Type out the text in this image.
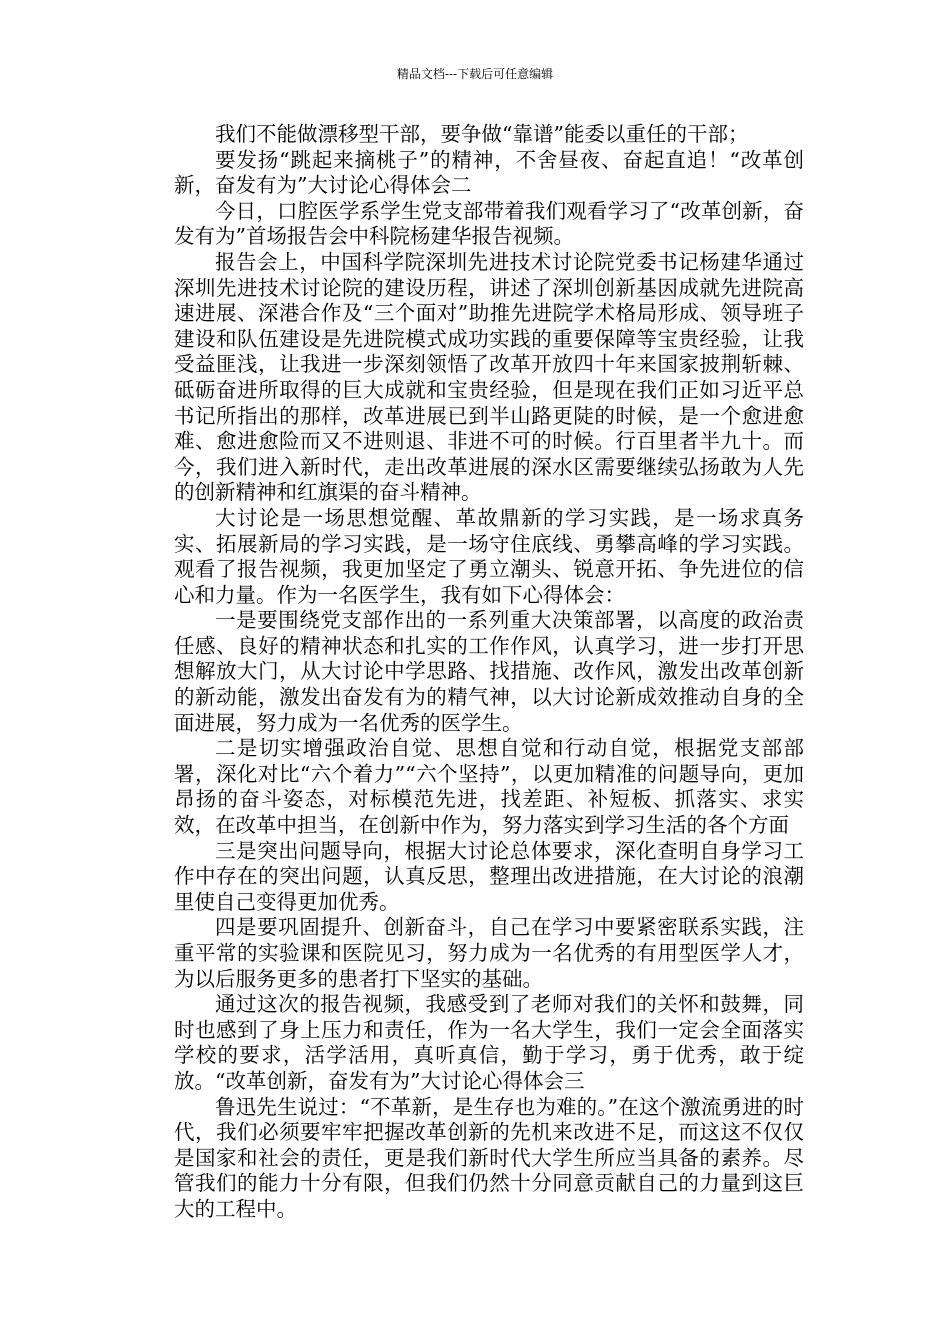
精品文档---下载后可任意编辑

我们不能做漂移型干部，要争做“靠谱”能委以重任的干部；

要发扬“跳起来摘桃子”的精神，不舍昼夜、奋起直追！“改革创新，奋发有为”大讨论心得体会二

今日，口腔医学系学生党支部带着我们观看学习了“改革创新，奋发有为”首场报告会中科院杨建华报告视频。

报告会上，中国科学院深圳先进技术讨论院党委书记杨建华通过深圳先进技术讨论院的建设历程，讲述了深圳创新基因成就先进院高速进展、深港合作及“三个面对”助推先进院学术格局形成、领导班子建设和队伍建设是先进院模式成功实践的重要保障等宝贵经验，让我受益匪浅，让我进一步深刻领悟了改革开放四十年来国家披荆斩棘、砥砺奋进所取得的巨大成就和宝贵经验，但是现在我们正如习近平总书记所指出的那样，改革进展已到半山路更陡的时候，是一个愈进愈难、愈进愈险而又不进则退、非进不可的时候。行百里者半九十。而今，我们进入新时代，走出改革进展的深水区需要继续弘扬敢为人先的创新精神和红旗渠的奋斗精神。

大讨论是一场思想觉醒、革故鼎新的学习实践，是一场求真务实、拓展新局的学习实践，是一场守住底线、勇攀高峰的学习实践。观看了报告视频，我更加坚定了勇立潮头、锐意开拓、争先进位的信心和力量。作为一名医学生，我有如下心得体会：

一是要围绕党支部作出的一系列重大决策部署，以高度的政治责任感、良好的精神状态和扎实的工作作风，认真学习，进一步打开思想解放大门，从大讨论中学思路、找措施、改作风，激发出改革创新的新动能，激发出奋发有为的精气神，以大讨论新成效推动自身的全面进展，努力成为一名优秀的医学生。

二是切实增强政治自觉、思想自觉和行动自觉，根据党支部部署，深化对比“六个着力”“六个坚持”，以更加精准的问题导向，更加昂扬的奋斗姿态，对标模范先进，找差距、补短板、抓落实、求实效，在改革中担当，在创新中作为，努力落实到学习生活的各个方面

三是突出问题导向，根据大讨论总体要求，深化查明自身学习工作中存在的突出问题，认真反思，整理出改进措施，在大讨论的浪潮里使自己变得更加优秀。

四是要巩固提升、创新奋斗，自己在学习中要紧密联系实践，注重平常的实验课和医院见习，努力成为一名优秀的有用型医学人才，为以后服务更多的患者打下坚实的基础。

通过这次的报告视频，我感受到了老师对我们的关怀和鼓舞，同时也感到了身上压力和责任，作为一名大学生，我们一定会全面落实学校的要求，活学活用，真听真信，勤于学习，勇于优秀，敢于绽放。“改革创新，奋发有为”大讨论心得体会三

鲁迅先生说过：“不革新，是生存也为难的。”在这个激流勇进的时代，我们必须要牢牢把握改革创新的先机来改进不足，而这这不仅仅是国家和社会的责任，更是我们新时代大学生所应当具备的素养。尽管我们的能力十分有限，但我们仍然十分同意贡献自己的力量到这巨大的工程中。
